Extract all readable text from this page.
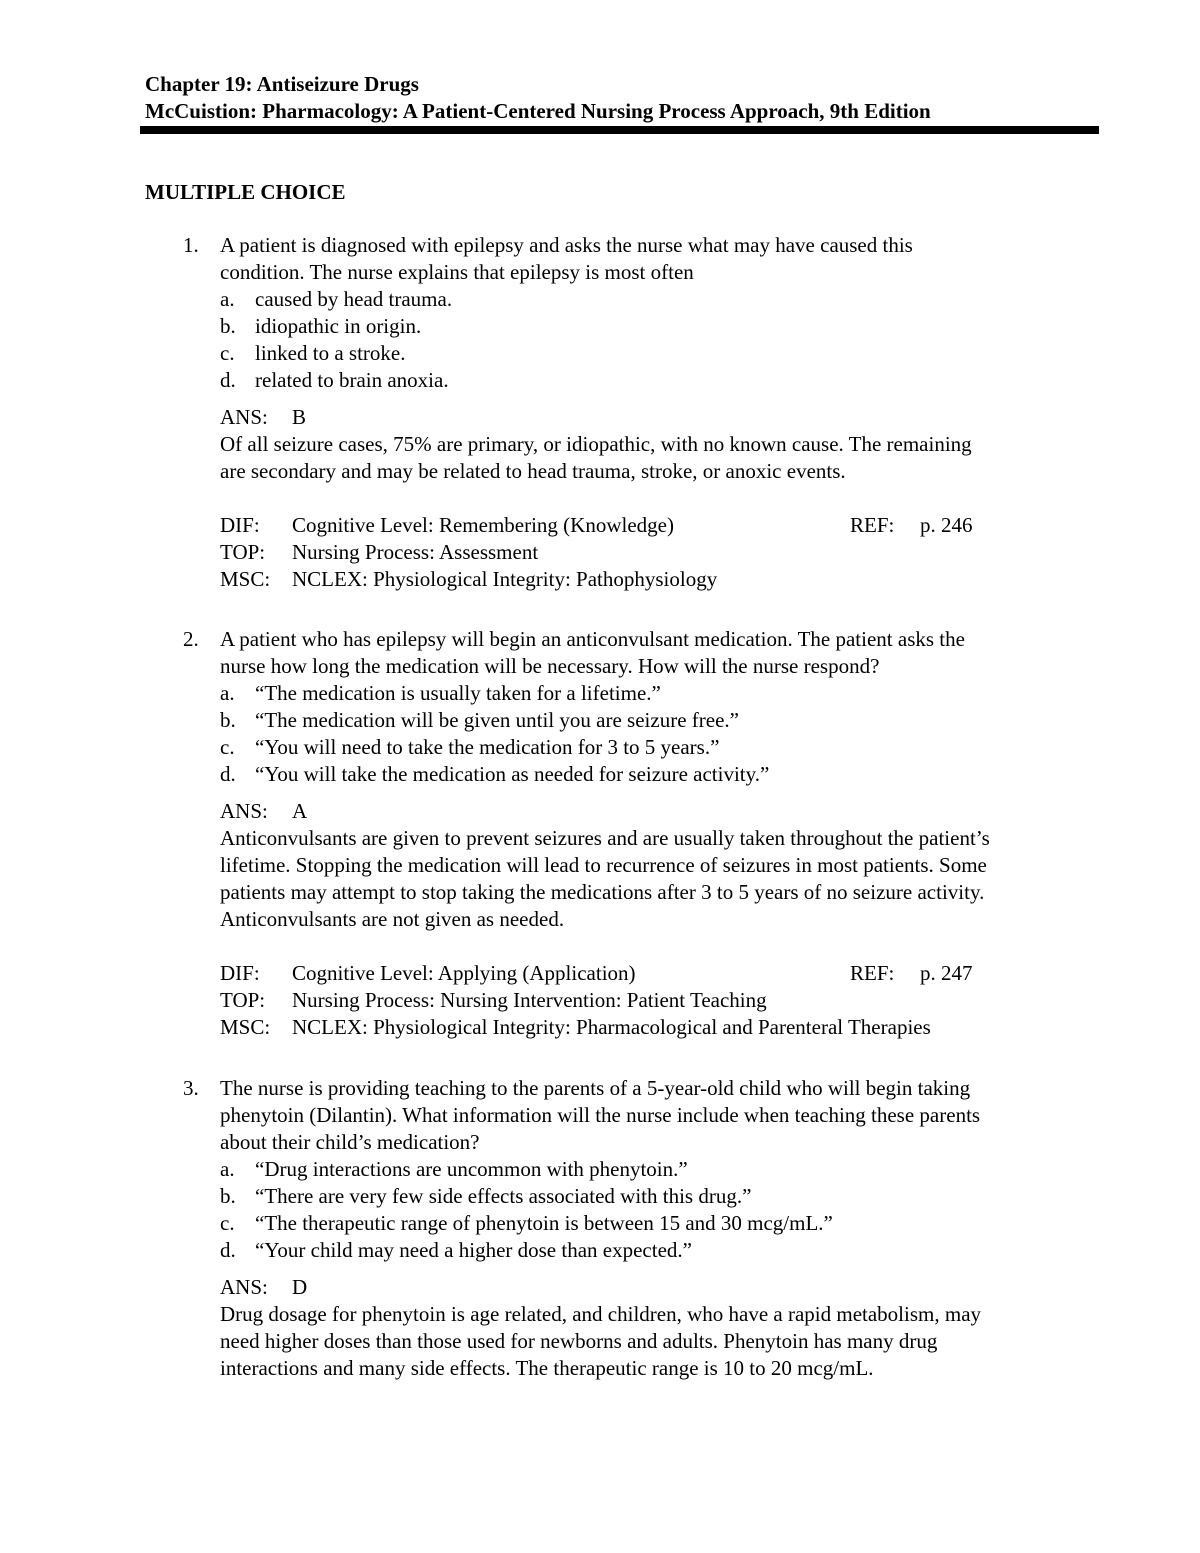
Chapter 19: Antiseizure Drugs
McCuistion: Pharmacology: A Patient-Centered Nursing Process Approach, 9th Edition
MULTIPLE CHOICE
1. A patient is diagnosed with epilepsy and asks the nurse what may have caused this
condition. The nurse explains that epilepsy is most often
a. caused by head trauma.
b. idiopathic in origin.
c. linked to a stroke.
d. related to brain anoxia.
ANS: B
Of all seizure cases, 75% are primary, or idiopathic, with no known cause. The remaining
are secondary and may be related to head trauma, stroke, or anoxic events.
DIF: Cognitive Level: Remembering (Knowledge)	REF: p. 246
TOP: Nursing Process: Assessment
MSC: NCLEX: Physiological Integrity: Pathophysiology
2. A patient who has epilepsy will begin an anticonvulsant medication. The patient asks the
nurse how long the medication will be necessary. How will the nurse respond?
a. “The medication is usually taken for a lifetime.”
b. “The medication will be given until you are seizure free.”
c. “You will need to take the medication for 3 to 5 years.”
d. “You will take the medication as needed for seizure activity.”
ANS: A
Anticonvulsants are given to prevent seizures and are usually taken throughout the patient’s
lifetime. Stopping the medication will lead to recurrence of seizures in most patients. Some
patients may attempt to stop taking the medications after 3 to 5 years of no seizure activity.
Anticonvulsants are not given as needed.
DIF: Cognitive Level: Applying (Application)	REF: p. 247
TOP: Nursing Process: Nursing Intervention: Patient Teaching
MSC: NCLEX: Physiological Integrity: Pharmacological and Parenteral Therapies
3. The nurse is providing teaching to the parents of a 5-year-old child who will begin taking
phenytoin (Dilantin). What information will the nurse include when teaching these parents
about their child’s medication?
a. “Drug interactions are uncommon with phenytoin.”
b. “There are very few side effects associated with this drug.”
c. “The therapeutic range of phenytoin is between 15 and 30 mcg/mL.”
d. “Your child may need a higher dose than expected.”
ANS: D
Drug dosage for phenytoin is age related, and children, who have a rapid metabolism, may
need higher doses than those used for newborns and adults. Phenytoin has many drug
interactions and many side effects. The therapeutic range is 10 to 20 mcg/mL.
